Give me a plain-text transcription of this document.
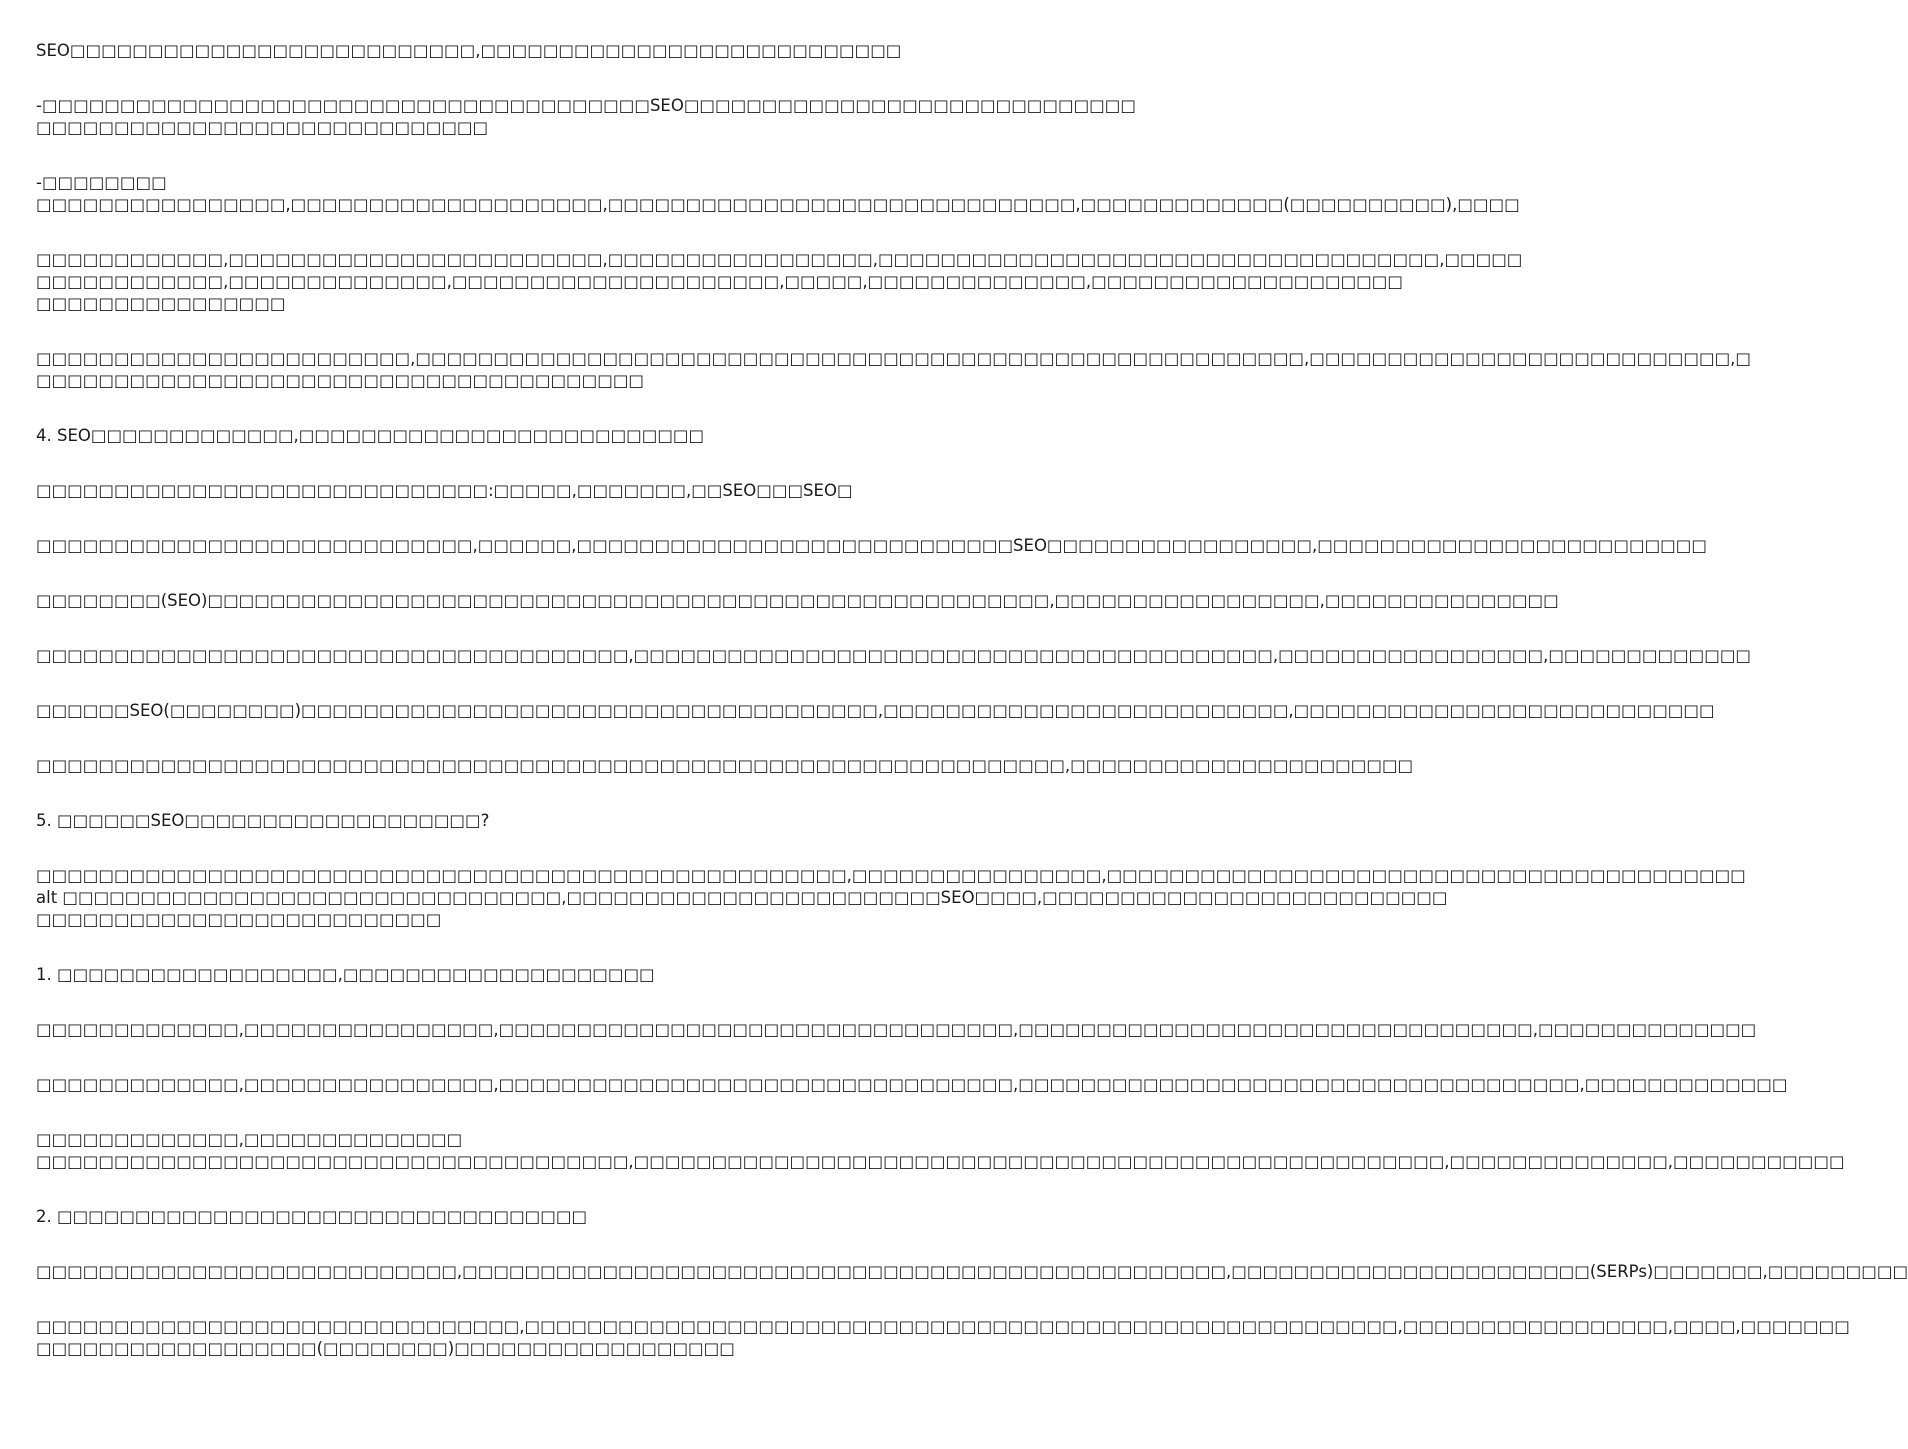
SEO□□□□□□□□□□□□□□□□□□□□□□□□□□,□□□□□□□□□□□□□□□□□□□□□□□□□□□

-□□□□□□□□□□□□□□□□□□□□□□□□□□□□□□□□□□□□□□□SEO□□□□□□□□□□□□□□□□□□□□□□□□□□□□□
□□□□□□□□□□□□□□□□□□□□□□□□□□□□□

-□□□□□□□□
□□□□□□□□□□□□□□□□,□□□□□□□□□□□□□□□□□□□□,□□□□□□□□□□□□□□□□□□□□□□□□□□□□□□,□□□□□□□□□□□□□(□□□□□□□□□□),□□□□

□□□□□□□□□□□□,□□□□□□□□□□□□□□□□□□□□□□□□,□□□□□□□□□□□□□□□□□,□□□□□□□□□□□□□□□□□□□□□□□□□□□□□□□□□□□□,□□□□□
□□□□□□□□□□□□,□□□□□□□□□□□□□□,□□□□□□□□□□□□□□□□□□□□□,□□□□□,□□□□□□□□□□□□□□,□□□□□□□□□□□□□□□□□□□□
□□□□□□□□□□□□□□□□

□□□□□□□□□□□□□□□□□□□□□□□□,□□□□□□□□□□□□□□□□□□□□□□□□□□□□□□□□□□□□□□□□□□□□□□□□□□□□□□□□□,□□□□□□□□□□□□□□□□□□□□□□□□□□□,□
□□□□□□□□□□□□□□□□□□□□□□□□□□□□□□□□□□□□□□□

4. SEO□□□□□□□□□□□□□,□□□□□□□□□□□□□□□□□□□□□□□□□□

□□□□□□□□□□□□□□□□□□□□□□□□□□□□□:□□□□□,□□□□□□□,□□SEO□□□SEO□

□□□□□□□□□□□□□□□□□□□□□□□□□□□□,□□□□□□,□□□□□□□□□□□□□□□□□□□□□□□□□□□□SEO□□□□□□□□□□□□□□□□□,□□□□□□□□□□□□□□□□□□□□□□□□□

□□□□□□□□(SEO)□□□□□□□□□□□□□□□□□□□□□□□□□□□□□□□□□□□□□□□□□□□□□□□□□□□□□□,□□□□□□□□□□□□□□□□□,□□□□□□□□□□□□□□□

□□□□□□□□□□□□□□□□□□□□□□□□□□□□□□□□□□□□□□,□□□□□□□□□□□□□□□□□□□□□□□□□□□□□□□□□□□□□□□□□,□□□□□□□□□□□□□□□□□,□□□□□□□□□□□□□

□□□□□□SEO(□□□□□□□□)□□□□□□□□□□□□□□□□□□□□□□□□□□□□□□□□□□□□□,□□□□□□□□□□□□□□□□□□□□□□□□□□,□□□□□□□□□□□□□□□□□□□□□□□□□□□

□□□□□□□□□□□□□□□□□□□□□□□□□□□□□□□□□□□□□□□□□□□□□□□□□□□□□□□□□□□□□□□□□□,□□□□□□□□□□□□□□□□□□□□□□

5. □□□□□□SEO□□□□□□□□□□□□□□□□□□□?

□□□□□□□□□□□□□□□□□□□□□□□□□□□□□□□□□□□□□□□□□□□□□□□□□□□□,□□□□□□□□□□□□□□□□,□□□□□□□□□□□□□□□□□□□□□□□□□□□□□□□□□□□□□□□□□
alt □□□□□□□□□□□□□□□□□□□□□□□□□□□□□□□□,□□□□□□□□□□□□□□□□□□□□□□□□SEO□□□□,□□□□□□□□□□□□□□□□□□□□□□□□□□
□□□□□□□□□□□□□□□□□□□□□□□□□□

1. □□□□□□□□□□□□□□□□□□,□□□□□□□□□□□□□□□□□□□□

□□□□□□□□□□□□□,□□□□□□□□□□□□□□□□,□□□□□□□□□□□□□□□□□□□□□□□□□□□□□□□□□,□□□□□□□□□□□□□□□□□□□□□□□□□□□□□□□□□,□□□□□□□□□□□□□□

□□□□□□□□□□□□□,□□□□□□□□□□□□□□□□,□□□□□□□□□□□□□□□□□□□□□□□□□□□□□□□□□,□□□□□□□□□□□□□□□□□□□□□□□□□□□□□□□□□□□□,□□□□□□□□□□□□□

□□□□□□□□□□□□□,□□□□□□□□□□□□□□
□□□□□□□□□□□□□□□□□□□□□□□□□□□□□□□□□□□□□□,□□□□□□□□□□□□□□□□□□□□□□□□□□□□□□□□□□□□□□□□□□□□□□□□□□□□,□□□□□□□□□□□□□□,□□□□□□□□□□□

2. □□□□□□□□□□□□□□□□□□□□□□□□□□□□□□□□□□

□□□□□□□□□□□□□□□□□□□□□□□□□□□,□□□□□□□□□□□□□□□□□□□□□□□□□□□□□□□□□□□□□□□□□□□□□□□□□,□□□□□□□□□□□□□□□□□□□□□□□(SERPs)□□□□□□□,□□□□□□□□□

□□□□□□□□□□□□□□□□□□□□□□□□□□□□□□□,□□□□□□□□□□□□□□□□□□□□□□□□□□□□□□□□□□□□□□□□□□□□□□□□□□□□□□□□,□□□□□□□□□□□□□□□□□,□□□□,□□□□□□□
□□□□□□□□□□□□□□□□□□(□□□□□□□□)□□□□□□□□□□□□□□□□□□
